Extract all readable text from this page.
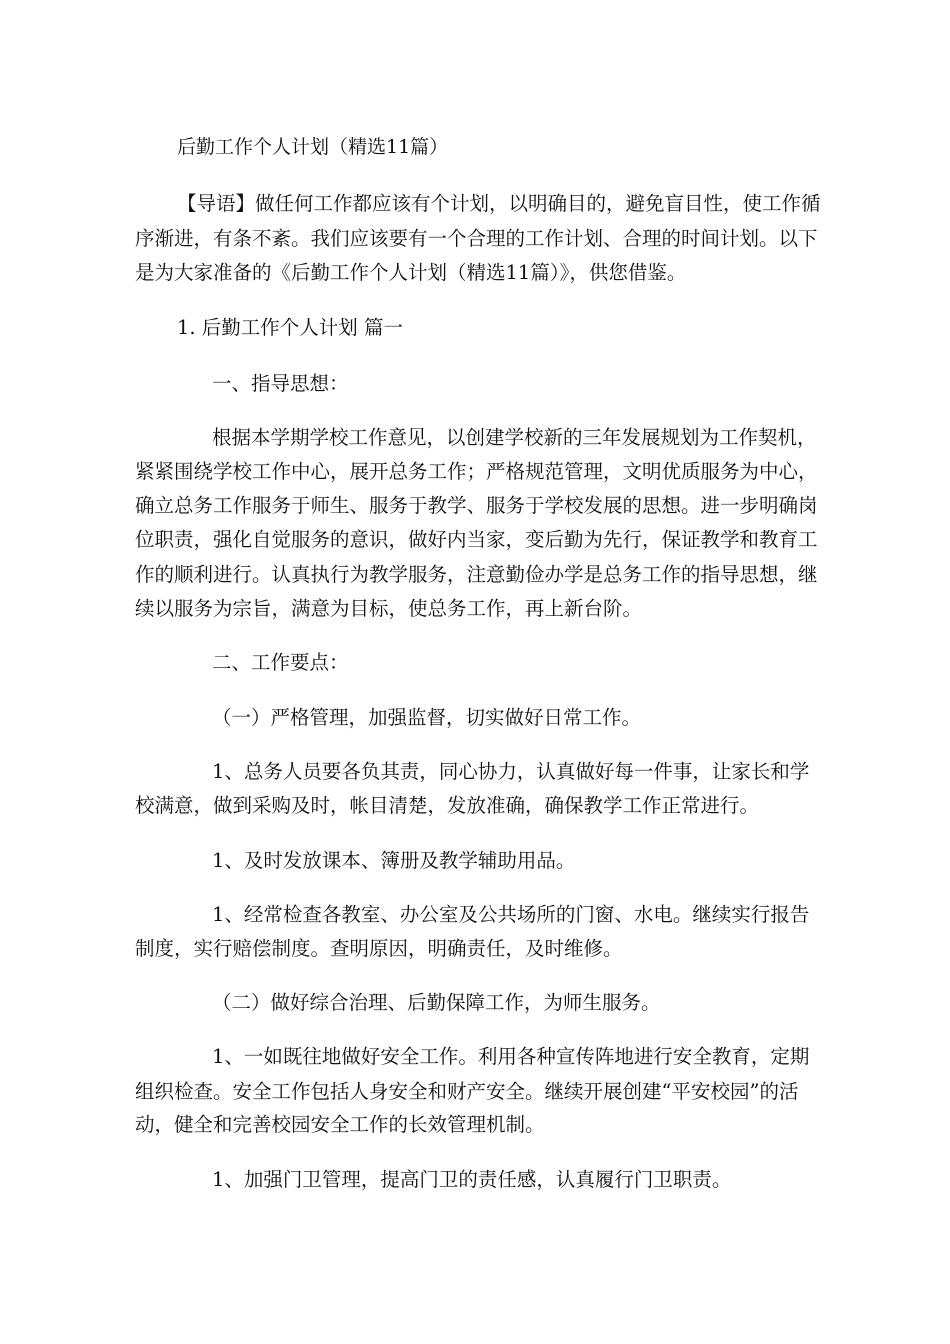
后勤工作个人计划（精选11篇）
【导语】做任何工作都应该有个计划，以明确目的，避免盲目性，使工作循
序渐进，有条不紊。我们应该要有一个合理的工作计划、合理的时间计划。以下
是为大家准备的《后勤工作个人计划（精选11篇）》，供您借鉴。
1. 后勤工作个人计划 篇一
一、指导思想：
根据本学期学校工作意见，以创建学校新的三年发展规划为工作契机，
紧紧围绕学校工作中心，展开总务工作；严格规范管理，文明优质服务为中心，
确立总务工作服务于师生、服务于教学、服务于学校发展的思想。进一步明确岗
位职责，强化自觉服务的意识，做好内当家，变后勤为先行，保证教学和教育工
作的顺利进行。认真执行为教学服务，注意勤俭办学是总务工作的指导思想，继
续以服务为宗旨，满意为目标，使总务工作，再上新台阶。
二、工作要点：
（一）严格管理，加强监督，切实做好日常工作。
1、总务人员要各负其责，同心协力，认真做好每一件事，让家长和学
校满意，做到采购及时，帐目清楚，发放准确，确保教学工作正常进行。
1、及时发放课本、簿册及教学辅助用品。
1、经常检查各教室、办公室及公共场所的门窗、水电。继续实行报告
制度，实行赔偿制度。查明原因，明确责任，及时维修。
（二）做好综合治理、后勤保障工作，为师生服务。
1、一如既往地做好安全工作。利用各种宣传阵地进行安全教育，定期
组织检查。安全工作包括人身安全和财产安全。继续开展创建“平安校园”的活
动，健全和完善校园安全工作的长效管理机制。
1、加强门卫管理，提高门卫的责任感，认真履行门卫职责。
